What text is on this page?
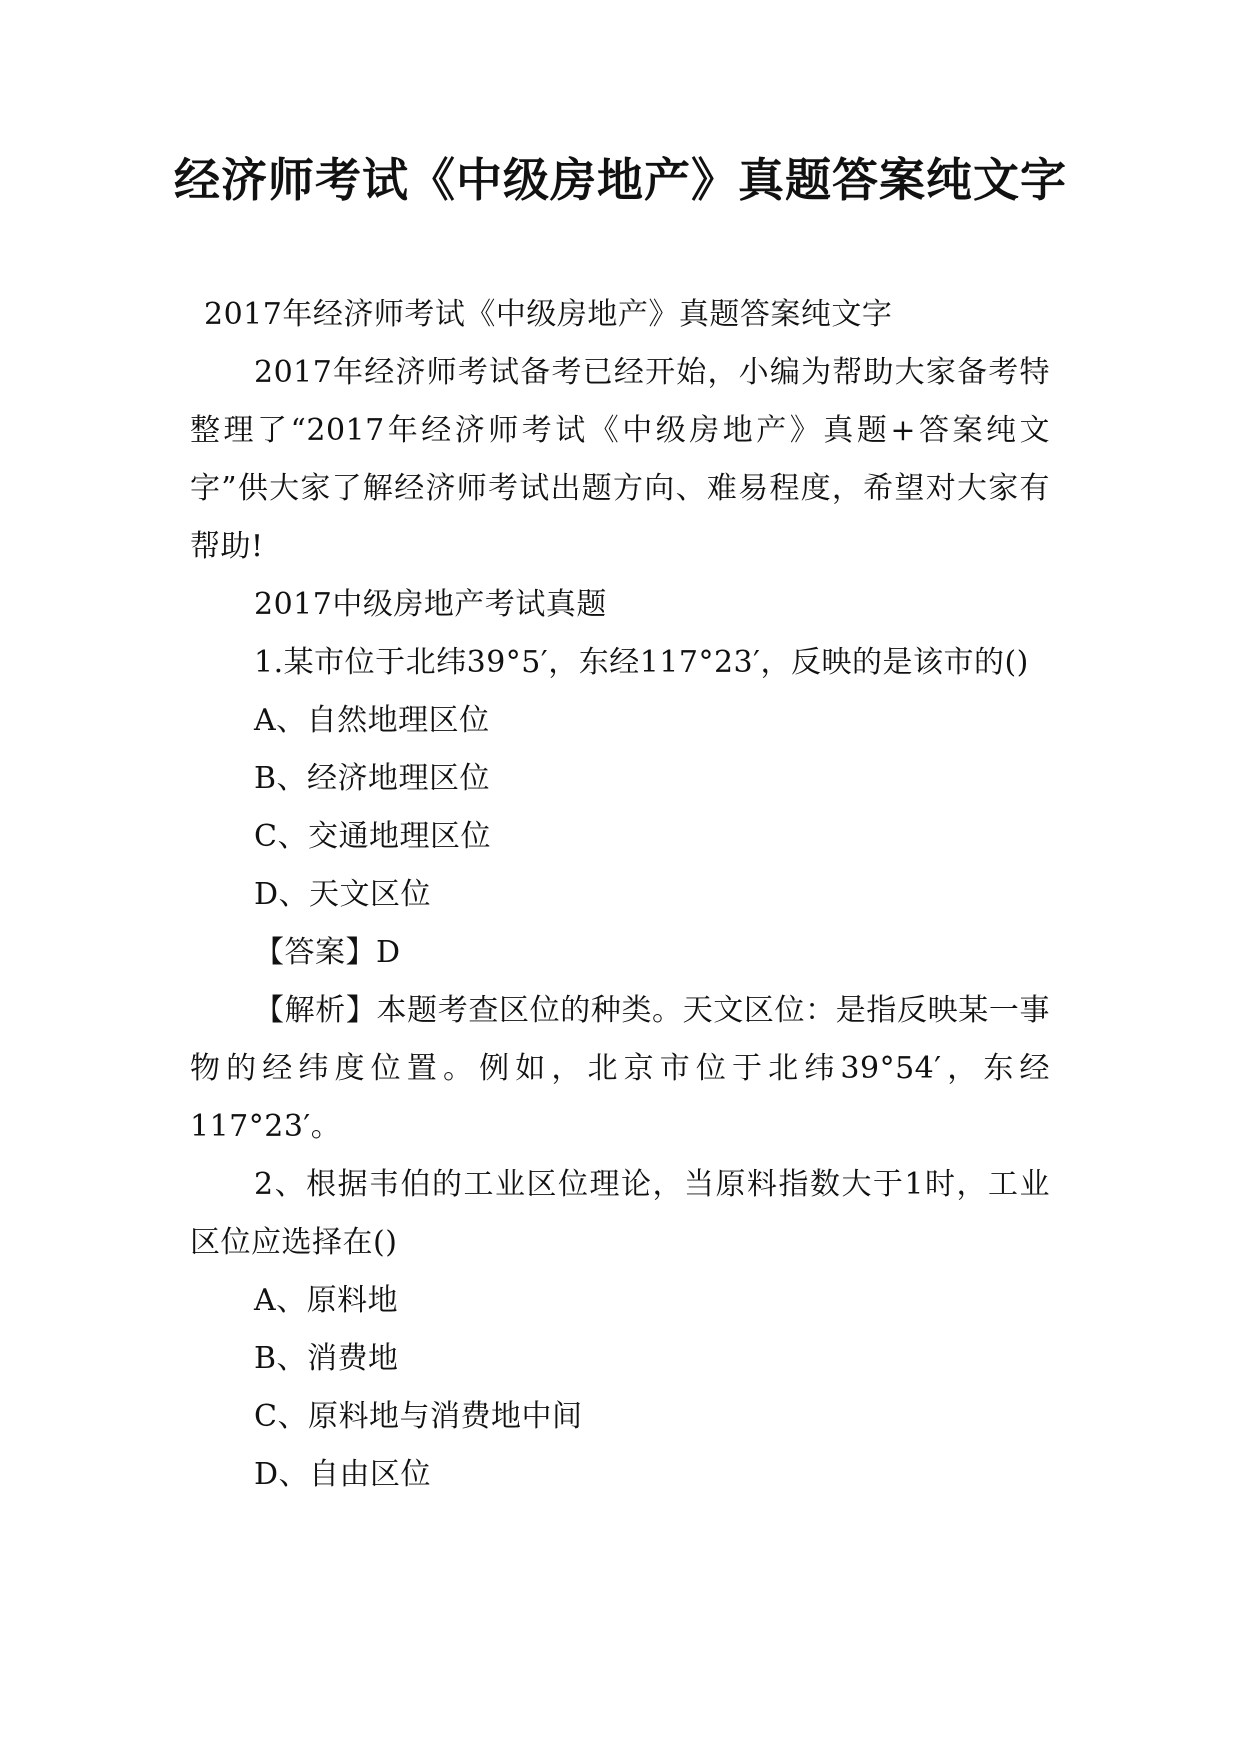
经济师考试《中级房地产》真题答案纯文字

2017年经济师考试《中级房地产》真题答案纯文字

2017年经济师考试备考已经开始，小编为帮助大家备考特整理了“2017年经济师考试《中级房地产》真题+答案纯文字”供大家了解经济师考试出题方向、难易程度，希望对大家有帮助!

2017中级房地产考试真题

1.某市位于北纬39°5′，东经117°23′，反映的是该市的()

A、自然地理区位

B、经济地理区位

C、交通地理区位

D、天文区位

【答案】D

【解析】本题考查区位的种类。天文区位：是指反映某一事物的经纬度位置。例如，北京市位于北纬39°54′，东经117°23′。

2、根据韦伯的工业区位理论，当原料指数大于1时，工业区位应选择在()

A、原料地

B、消费地

C、原料地与消费地中间

D、自由区位
